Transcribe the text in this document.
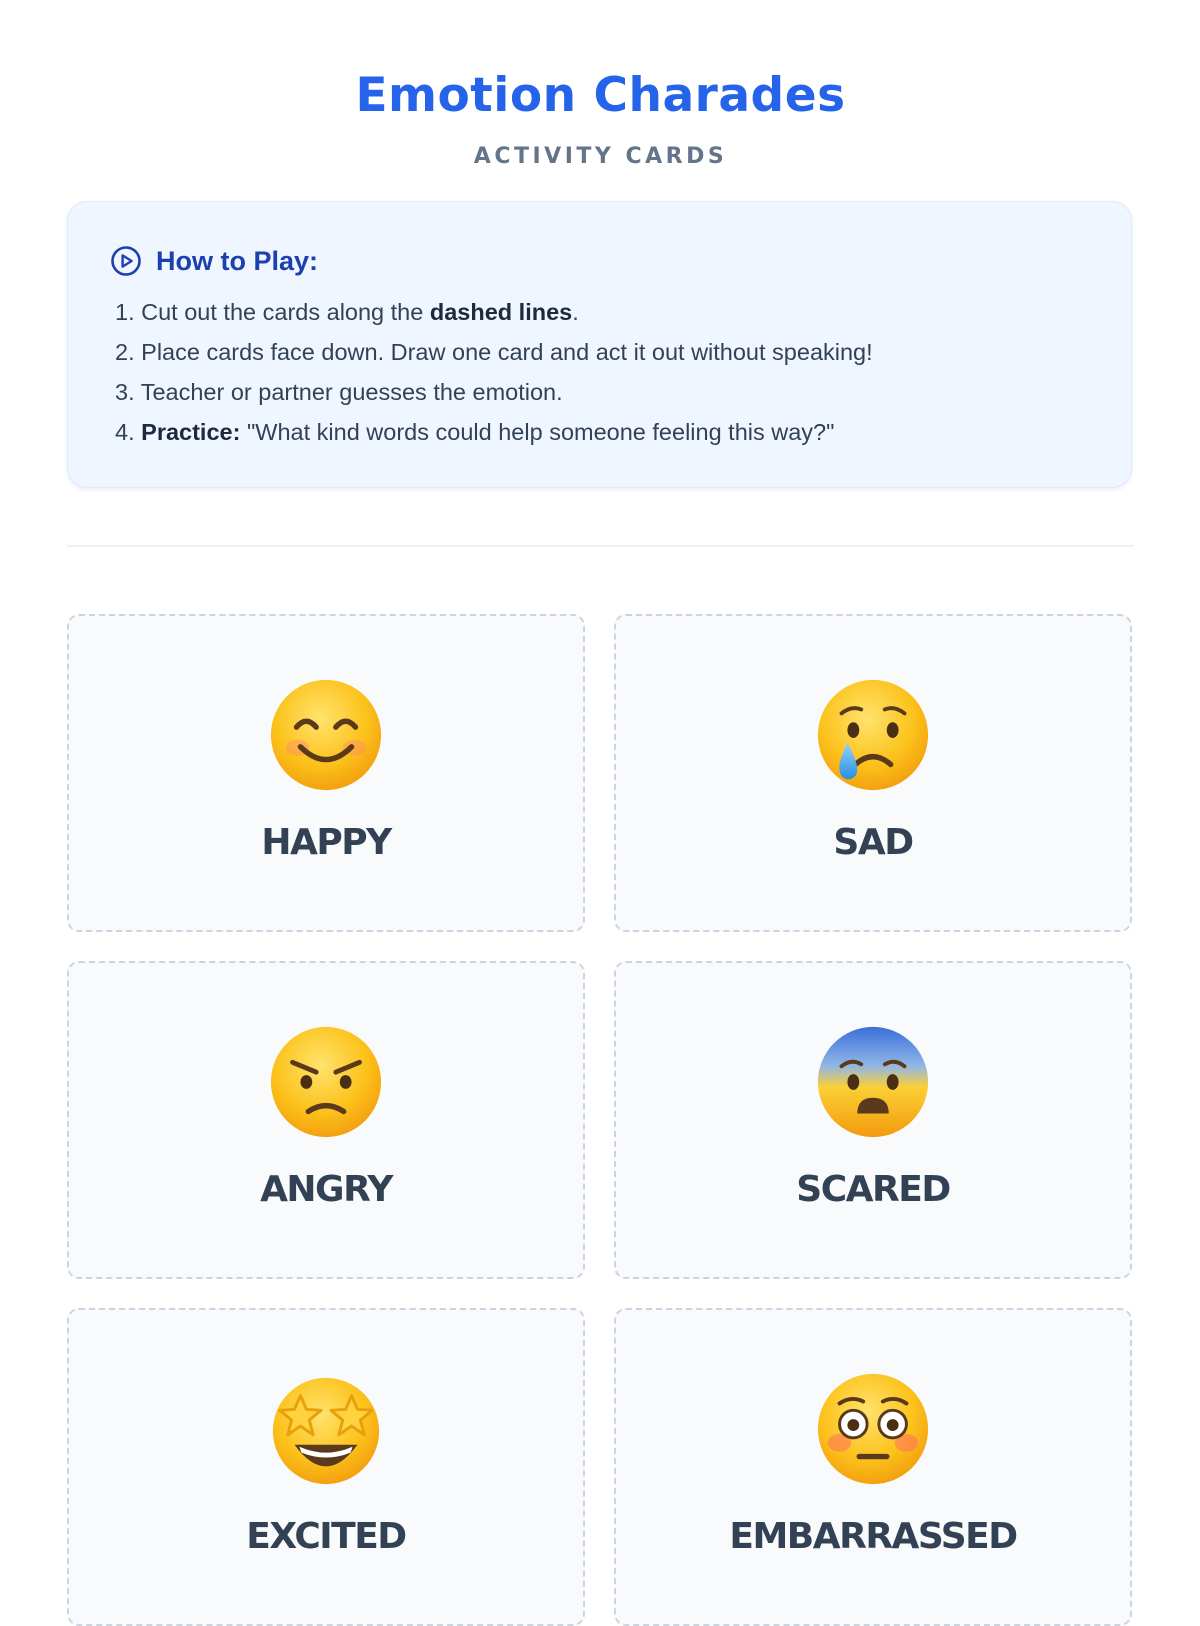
Emotion Charades
ACTIVITY CARDS
How to Play:
1. Cut out the cards along the dashed lines.
2. Place cards face down. Draw one card and act it out without speaking!
3. Teacher or partner guesses the emotion.
4. Practice: "What kind words could help someone feeling this way?"
HAPPY	SAD
ANGRY	SCARED
EXCITED	EMBARRASSED
